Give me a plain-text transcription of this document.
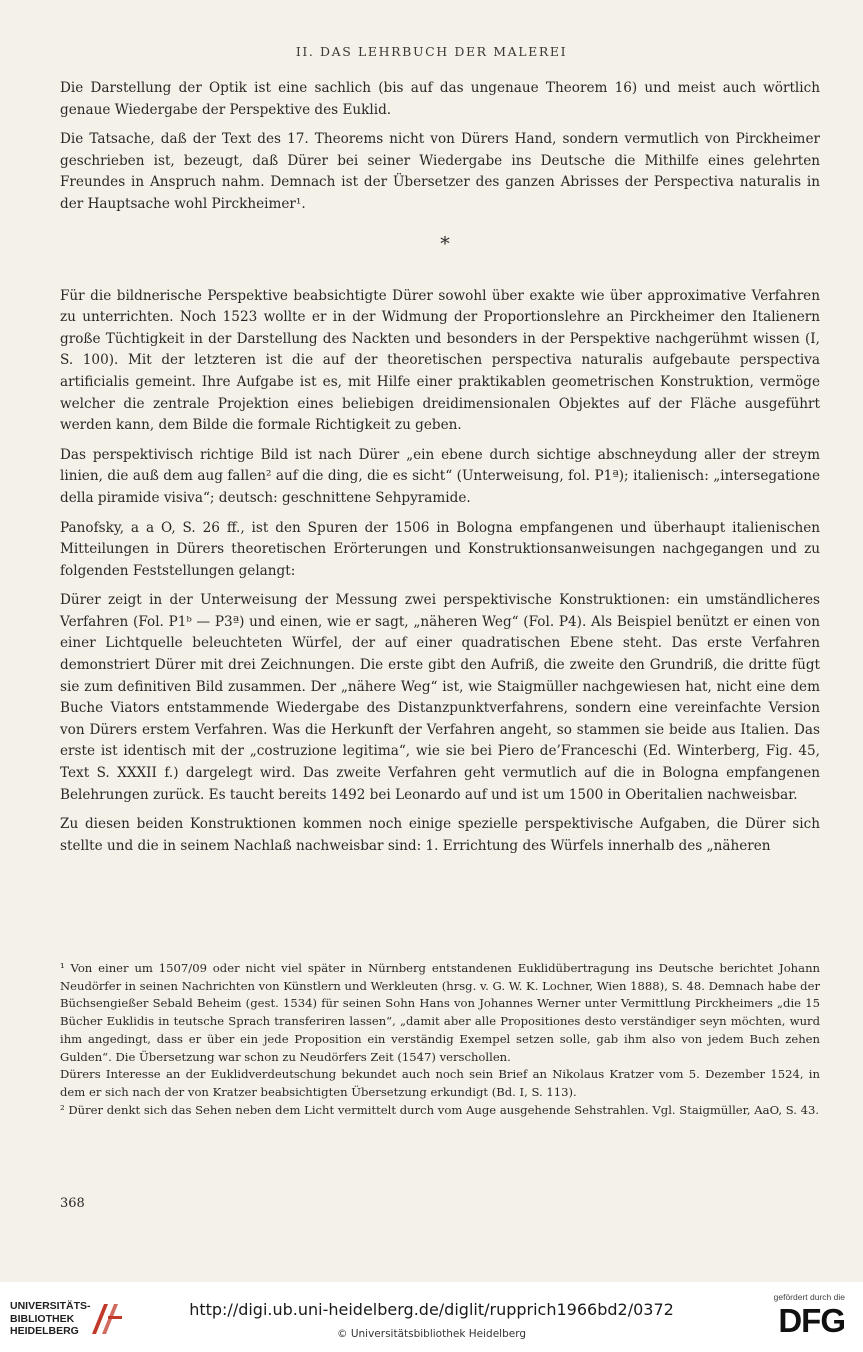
II. DAS LEHRBUCH DER MALEREI

Die Darstellung der Optik ist eine sachlich (bis auf das ungenaue Theorem 16) und meist auch wörtlich genaue Wiedergabe der Perspektive des Euklid.

Die Tatsache, daß der Text des 17. Theorems nicht von Dürers Hand, sondern vermutlich von Pirckheimer geschrieben ist, bezeugt, daß Dürer bei seiner Wiedergabe ins Deutsche die Mithilfe eines gelehrten Freundes in Anspruch nahm. Demnach ist der Übersetzer des ganzen Abrisses der Perspectiva naturalis in der Hauptsache wohl Pirckheimer¹.

*

Für die bildnerische Perspektive beabsichtigte Dürer sowohl über exakte wie über approximative Verfahren zu unterrichten. Noch 1523 wollte er in der Widmung der Proportionslehre an Pirckheimer den Italienern große Tüchtigkeit in der Darstellung des Nackten und besonders in der Perspektive nachgerühmt wissen (I, S. 100). Mit der letzteren ist die auf der theoretischen perspectiva naturalis aufgebaute perspectiva artificialis gemeint. Ihre Aufgabe ist es, mit Hilfe einer praktikablen geometrischen Konstruktion, vermöge welcher die zentrale Projektion eines beliebigen dreidimensionalen Objektes auf der Fläche ausgeführt werden kann, dem Bilde die formale Richtigkeit zu geben.

Das perspektivisch richtige Bild ist nach Dürer „ein ebene durch sichtige abschneydung aller der streym linien, die auß dem aug fallen² auf die ding, die es sicht“ (Unterweisung, fol. P1ª); italienisch: „intersegatione della piramide visiva“; deutsch: geschnittene Sehpyramide.

Panofsky, a a O, S. 26 ff., ist den Spuren der 1506 in Bologna empfangenen und überhaupt italienischen Mitteilungen in Dürers theoretischen Erörterungen und Konstruktionsanweisungen nachgegangen und zu folgenden Feststellungen gelangt:

Dürer zeigt in der Unterweisung der Messung zwei perspektivische Konstruktionen: ein umständlicheres Verfahren (Fol. P1ᵇ — P3ª) und einen, wie er sagt, „näheren Weg“ (Fol. P4). Als Beispiel benützt er einen von einer Lichtquelle beleuchteten Würfel, der auf einer quadratischen Ebene steht. Das erste Verfahren demonstriert Dürer mit drei Zeichnungen. Die erste gibt den Aufriß, die zweite den Grundriß, die dritte fügt sie zum definitiven Bild zusammen. Der „nähere Weg“ ist, wie Staigmüller nachgewiesen hat, nicht eine dem Buche Viators entstammende Wiedergabe des Distanzpunktverfahrens, sondern eine vereinfachte Version von Dürers erstem Verfahren. Was die Herkunft der Verfahren angeht, so stammen sie beide aus Italien. Das erste ist identisch mit der „costruzione legitima“, wie sie bei Piero de’Franceschi (Ed. Winterberg, Fig. 45, Text S. XXXII f.) dargelegt wird. Das zweite Verfahren geht vermutlich auf die in Bologna empfangenen Belehrungen zurück. Es taucht bereits 1492 bei Leonardo auf und ist um 1500 in Oberitalien nachweisbar.

Zu diesen beiden Konstruktionen kommen noch einige spezielle perspektivische Aufgaben, die Dürer sich stellte und die in seinem Nachlaß nachweisbar sind: 1. Errichtung des Würfels innerhalb des „näheren

¹ Von einer um 1507/09 oder nicht viel später in Nürnberg entstandenen Euklidübertragung ins Deutsche berichtet Johann Neudörfer in seinen Nachrichten von Künstlern und Werkleuten (hrsg. v. G. W. K. Lochner, Wien 1888), S. 48. Demnach habe der Büchsengießer Sebald Beheim (gest. 1534) für seinen Sohn Hans von Johannes Werner unter Vermittlung Pirckheimers „die 15 Bücher Euklidis in teutsche Sprach transferiren lassen“, „damit aber alle Propositiones desto verständiger seyn möchten, wurd ihm angedingt, dass er über ein jede Proposition ein verständig Exempel setzen solle, gab ihm also von jedem Buch zehen Gulden“. Die Übersetzung war schon zu Neudörfers Zeit (1547) verschollen.

Dürers Interesse an der Euklidverdeutschung bekundet auch noch sein Brief an Nikolaus Kratzer vom 5. Dezember 1524, in dem er sich nach der von Kratzer beabsichtigten Übersetzung erkundigt (Bd. I, S. 113).

² Dürer denkt sich das Sehen neben dem Licht vermittelt durch vom Auge ausgehende Sehstrahlen. Vgl. Staigmüller, AaO, S. 43.

368
UNIVERSITÄTS-
BIBLIOTHEK
HEIDELBERG
http://digi.ub.uni-heidelberg.de/diglit/rupprich1966bd2/0372
© Universitätsbibliothek Heidelberg
gefördert durch die
DFG
